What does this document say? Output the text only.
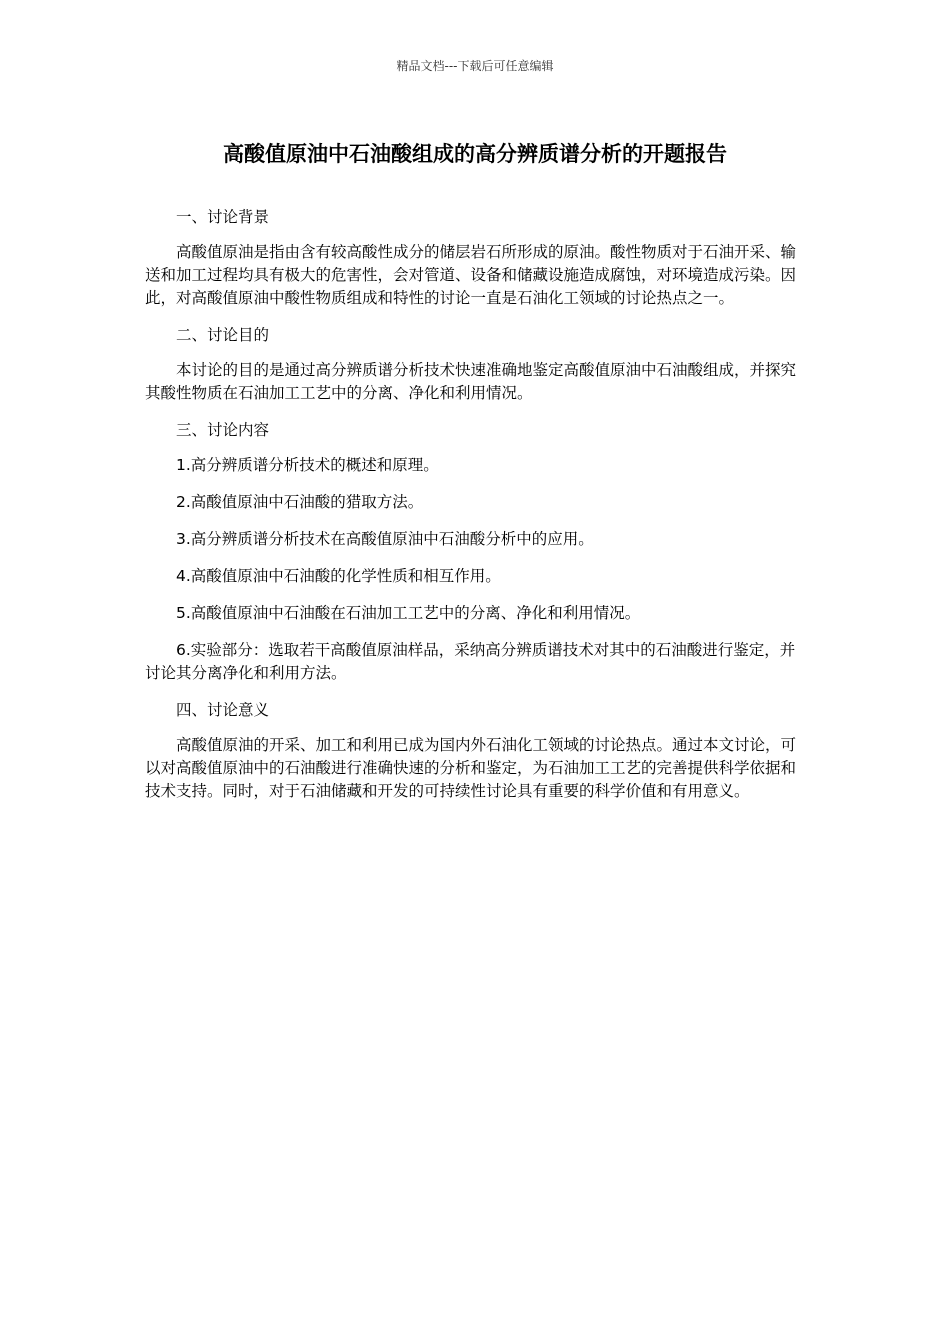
精品文档---下载后可任意编辑
高酸值原油中石油酸组成的高分辨质谱分析的开题报告

一、讨论背景

高酸值原油是指由含有较高酸性成分的储层岩石所形成的原油。酸性物质对于石油开采、输送和加工过程均具有极大的危害性，会对管道、设备和储藏设施造成腐蚀，对环境造成污染。因此，对高酸值原油中酸性物质组成和特性的讨论一直是石油化工领域的讨论热点之一。

二、讨论目的

本讨论的目的是通过高分辨质谱分析技术快速准确地鉴定高酸值原油中石油酸组成，并探究其酸性物质在石油加工工艺中的分离、净化和利用情况。

三、讨论内容

1.高分辨质谱分析技术的概述和原理。

2.高酸值原油中石油酸的猎取方法。

3.高分辨质谱分析技术在高酸值原油中石油酸分析中的应用。

4.高酸值原油中石油酸的化学性质和相互作用。

5.高酸值原油中石油酸在石油加工工艺中的分离、净化和利用情况。

6.实验部分：选取若干高酸值原油样品，采纳高分辨质谱技术对其中的石油酸进行鉴定，并讨论其分离净化和利用方法。

四、讨论意义

高酸值原油的开采、加工和利用已成为国内外石油化工领域的讨论热点。通过本文讨论，可以对高酸值原油中的石油酸进行准确快速的分析和鉴定，为石油加工工艺的完善提供科学依据和技术支持。同时，对于石油储藏和开发的可持续性讨论具有重要的科学价值和有用意义。
